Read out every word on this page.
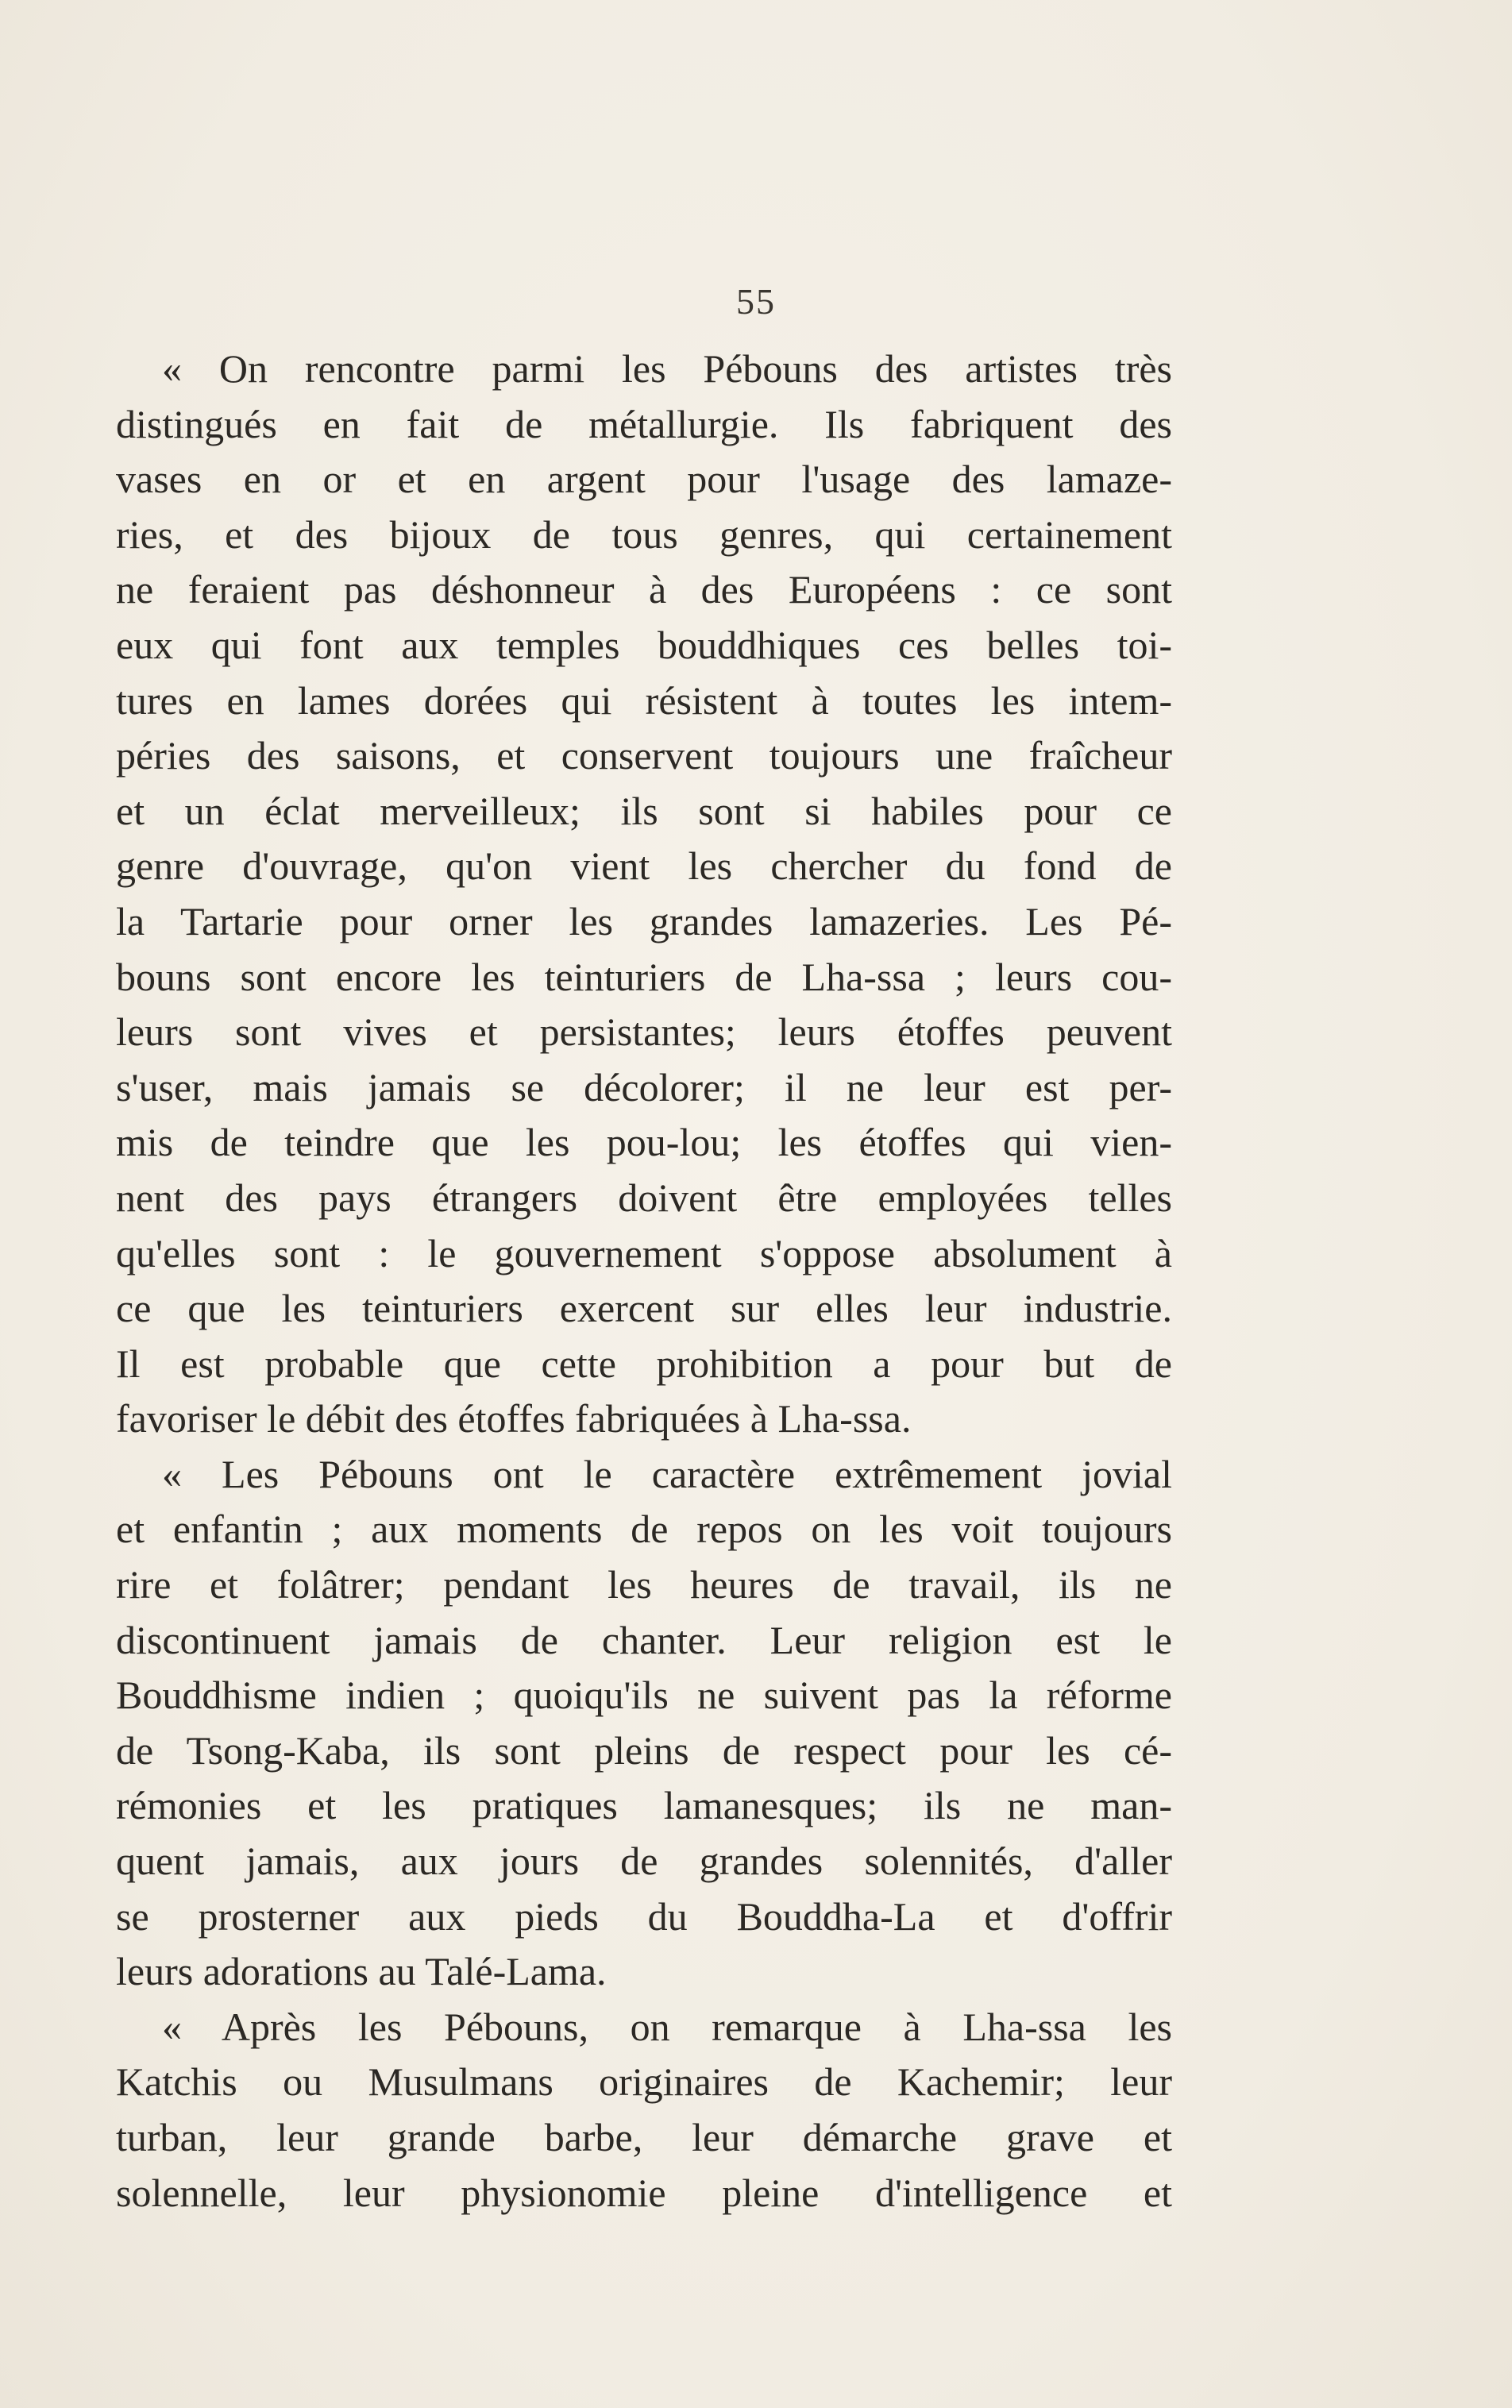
55
« On rencontre parmi les Pébouns des artistes très
distingués en fait de métallurgie. Ils fabriquent des
vases en or et en argent pour l'usage des lamaze-
ries, et des bijoux de tous genres, qui certainement
ne feraient pas déshonneur à des Européens : ce sont
eux qui font aux temples bouddhiques ces belles toi-
tures en lames dorées qui résistent à toutes les intem-
péries des saisons, et conservent toujours une fraîcheur
et un éclat merveilleux; ils sont si habiles pour ce
genre d'ouvrage, qu'on vient les chercher du fond de
la Tartarie pour orner les grandes lamazeries. Les Pé-
bouns sont encore les teinturiers de Lha-ssa ; leurs cou-
leurs sont vives et persistantes; leurs étoffes peuvent
s'user, mais jamais se décolorer; il ne leur est per-
mis de teindre que les pou-lou; les étoffes qui vien-
nent des pays étrangers doivent être employées telles
qu'elles sont : le gouvernement s'oppose absolument à
ce que les teinturiers exercent sur elles leur industrie.
Il est probable que cette prohibition a pour but de
favoriser le débit des étoffes fabriquées à Lha-ssa.
« Les Pébouns ont le caractère extrêmement jovial
et enfantin ; aux moments de repos on les voit toujours
rire et folâtrer; pendant les heures de travail, ils ne
discontinuent jamais de chanter. Leur religion est le
Bouddhisme indien ; quoiqu'ils ne suivent pas la réforme
de Tsong-Kaba, ils sont pleins de respect pour les cé-
rémonies et les pratiques lamanesques; ils ne man-
quent jamais, aux jours de grandes solennités, d'aller
se prosterner aux pieds du Bouddha-La et d'offrir
leurs adorations au Talé-Lama.
« Après les Pébouns, on remarque à Lha-ssa les
Katchis ou Musulmans originaires de Kachemir; leur
turban, leur grande barbe, leur démarche grave et
solennelle, leur physionomie pleine d'intelligence et
